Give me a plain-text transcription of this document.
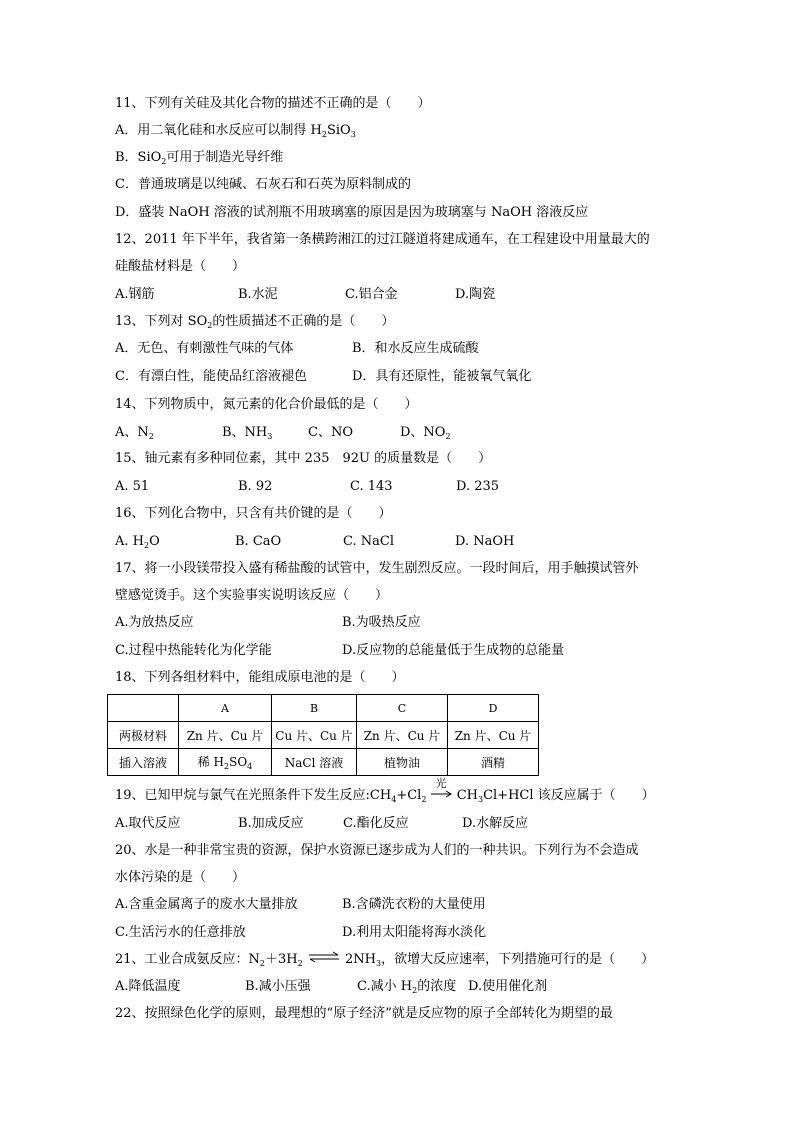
11、下列有关硅及其化合物的描述不正确的是（　　）
A．用二氧化硅和水反应可以制得 $H_2SiO_3$
B．SiO$_2$可用于制造光导纤维
C．普通玻璃是以纯碱、石灰石和石英为原料制成的
D．盛装 NaOH 溶液的试剂瓶不用玻璃塞的原因是因为玻璃塞与 NaOH 溶液反应
12、2011 年下半年，我省第一条横跨湘江的过江隧道将建成通车，在工程建设中用量最大的
硅酸盐材料是（　　）
A.钢筋	B.水泥	C.铝合金	D.陶瓷
13、下列对 $SO_2$的性质描述不正确的是（　　）
A．无色、有刺激性气味的气体	B．和水反应生成硫酸
C．有漂白性，能使品红溶液褪色	D．具有还原性，能被氧气氧化
14、下列物质中，氮元素的化合价最低的是（　　）
A、$N_2$	B、$NH_3$	C、NO	D、$NO_2$
15、铀元素有多种同位素，其中 235　92U 的质量数是（　　）
A. 51	B. 92	C. 143	D. 235
16、下列化合物中，只含有共价键的是（　　）
A. $H_2O$	B. CaO	C. NaCl	D. NaOH
17、将一小段镁带投入盛有稀盐酸的试管中，发生剧烈反应。一段时间后，用手触摸试管外
壁感觉烫手。这个实验事实说明该反应（　　）
A.为放热反应	B.为吸热反应
C.过程中热能转化为化学能	D.反应物的总能量低于生成物的总能量
18、下列各组材料中，能组成原电池的是（　　）
	A	B	C	D
两极材料	Zn 片、Cu 片	Cu 片、Cu 片	Zn 片、Cu 片	Zn 片、Cu 片
插入溶液	稀 $H_2SO_4$	NaCl 溶液	植物油	酒精
19、已知甲烷与氯气在光照条件下发生反应$:CH_4+Cl_2$
光
$CH_3Cl+HCl$ 该反应属于（　　）
A.取代反应	B.加成反应	C.酯化反应	D.水解反应
20、水是一种非常宝贵的资源，保护水资源已逐步成为人们的一种共识。下列行为不会造成
水体污染的是（　　）
A.含重金属离子的废水大量排放	B.含磷洗衣粉的大量使用
C.生活污水的任意排放	D.利用太阳能将海水淡化
21、工业合成氨反应：$N_2+3H_2$ ⇌ $2NH_3$，欲增大反应速率，下列措施可行的是（　　）
A.降低温度	B.减小压强	C.减小 $H_2$的浓度 D.使用催化剂
22、按照绿色化学的原则，最理想的“原子经济”就是反应物的原子全部转化为期望的最
